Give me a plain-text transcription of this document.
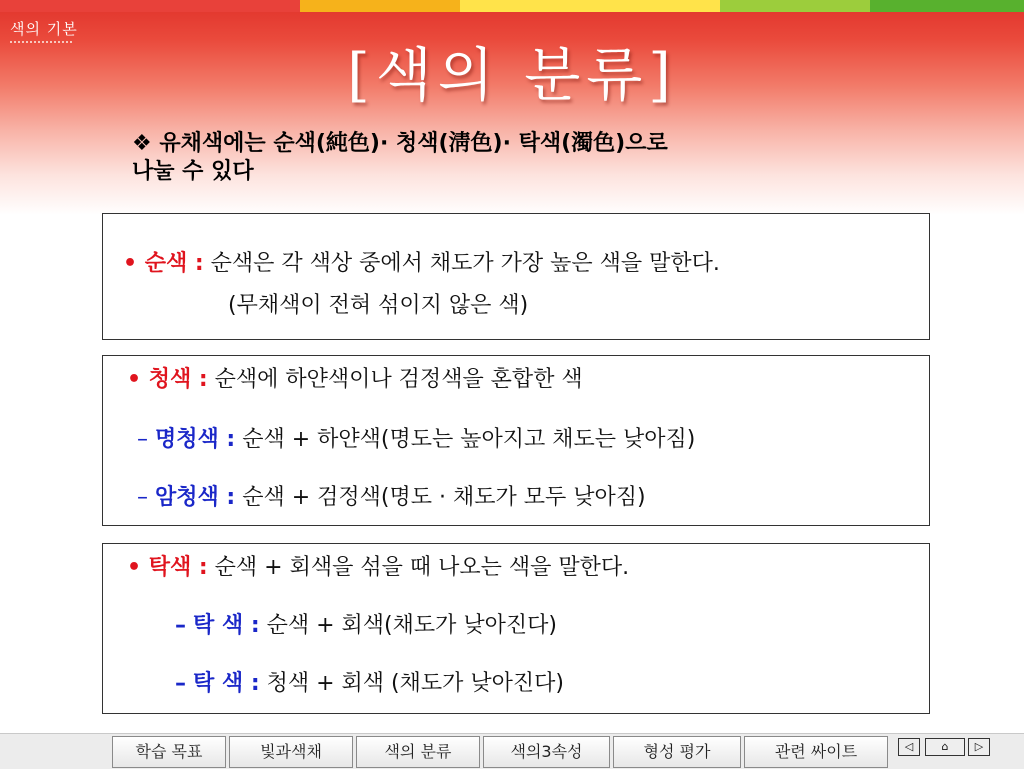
색의 기본
[색의 분류]
❖ 유채색에는 순색(純色)· 청색(淸色)· 탁색(濁色)으로
나눌 수 있다
• 순색 : 순색은 각 색상 중에서 채도가 가장 높은 색을 말한다.
(무채색이 전혀 섞이지 않은 색)
• 청색 : 순색에 하얀색이나 검정색을 혼합한 색
– 명청색 : 순색 + 하얀색(명도는 높아지고 채도는 낮아짐)
– 암청색 : 순색 + 검정색(명도 · 채도가 모두 낮아짐)
• 탁색 : 순색 + 회색을 섞을 때 나오는 색을 말한다.
– 탁 색 : 순색 + 회색(채도가 낮아진다)
– 탁 색 : 청색 + 회색 (채도가 낮아진다)
학습 목표	빛과색채	색의 분류	색의3속성	형성 평가	관련 싸이트	◁	⌂	▷
